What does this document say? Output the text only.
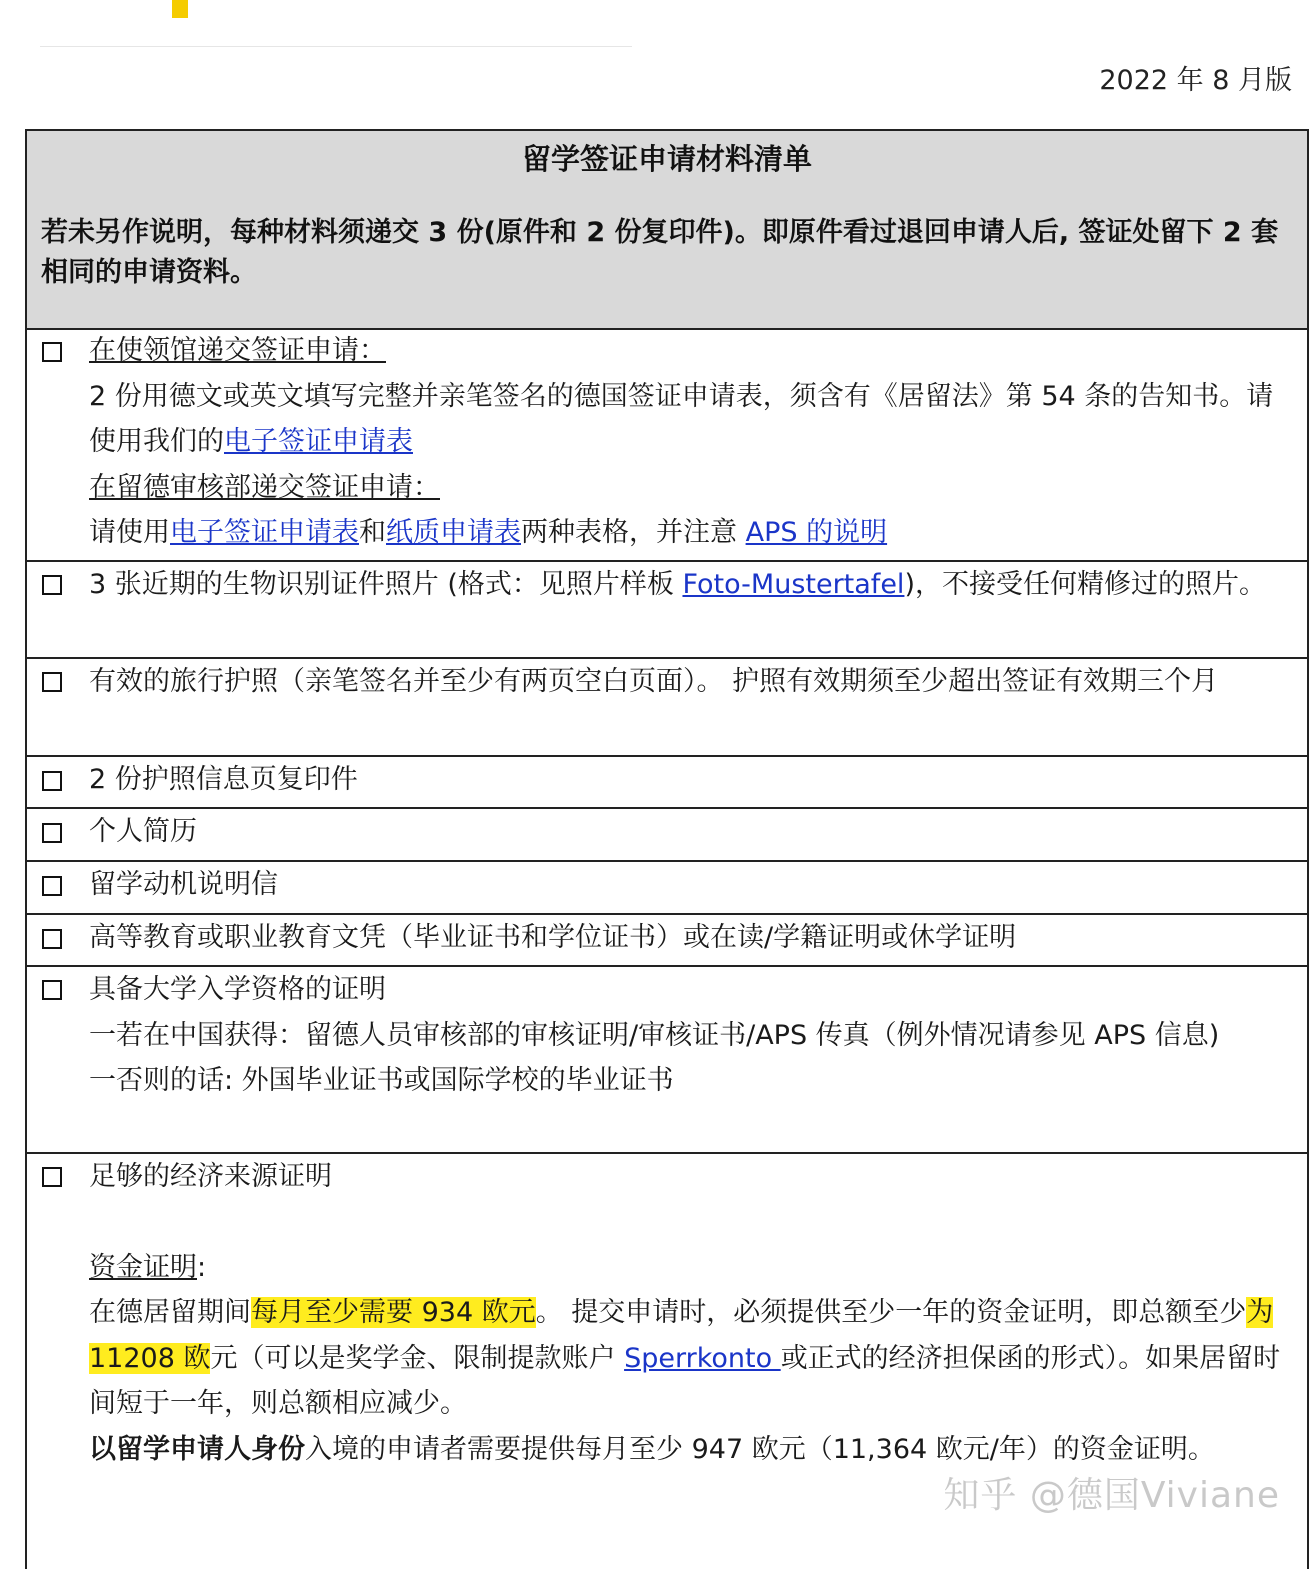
2022 年 8 月版
留学签证申请材料清单
若未另作说明，每种材料须递交 3 份(原件和 2 份复印件)。即原件看过退回申请人后, 签证处留下 2 套相同的申请资料。

在使领馆递交签证申请：

2 份用德文或英文填写完整并亲笔签名的德国签证申请表，须含有《居留法》第 54 条的告知书。请使用我们的电子签证申请表

在留德审核部递交签证申请：

请使用电子签证申请表和纸质申请表两种表格，并注意 APS 的说明

3 张近期的生物识别证件照片 (格式：见照片样板 Foto-Mustertafel)，不接受任何精修过的照片。

有效的旅行护照（亲笔签名并至少有两页空白页面）。 护照有效期须至少超出签证有效期三个月
2 份护照信息页复印件
个人简历
留学动机说明信
高等教育或职业教育文凭（毕业证书和学位证书）或在读/学籍证明或休学证明

具备大学入学资格的证明

一若在中国获得：留德人员审核部的审核证明/审核证书/APS 传真（例外情况请参见 APS 信息)

一否则的话: 外国毕业证书或国际学校的毕业证书

足够的经济来源证明

资金证明:

在德居留期间每月至少需要 934 欧元。 提交申请时，必须提供至少一年的资金证明，即总额至少为 11208 欧元（可以是奖学金、限制提款账户 Sperrkonto 或正式的经济担保函的形式）。如果居留时间短于一年，则总额相应减少。

以留学申请人身份入境的申请者需要提供每月至少 947 欧元（11,364 欧元/年）的资金证明。

知乎 @德国Viviane
